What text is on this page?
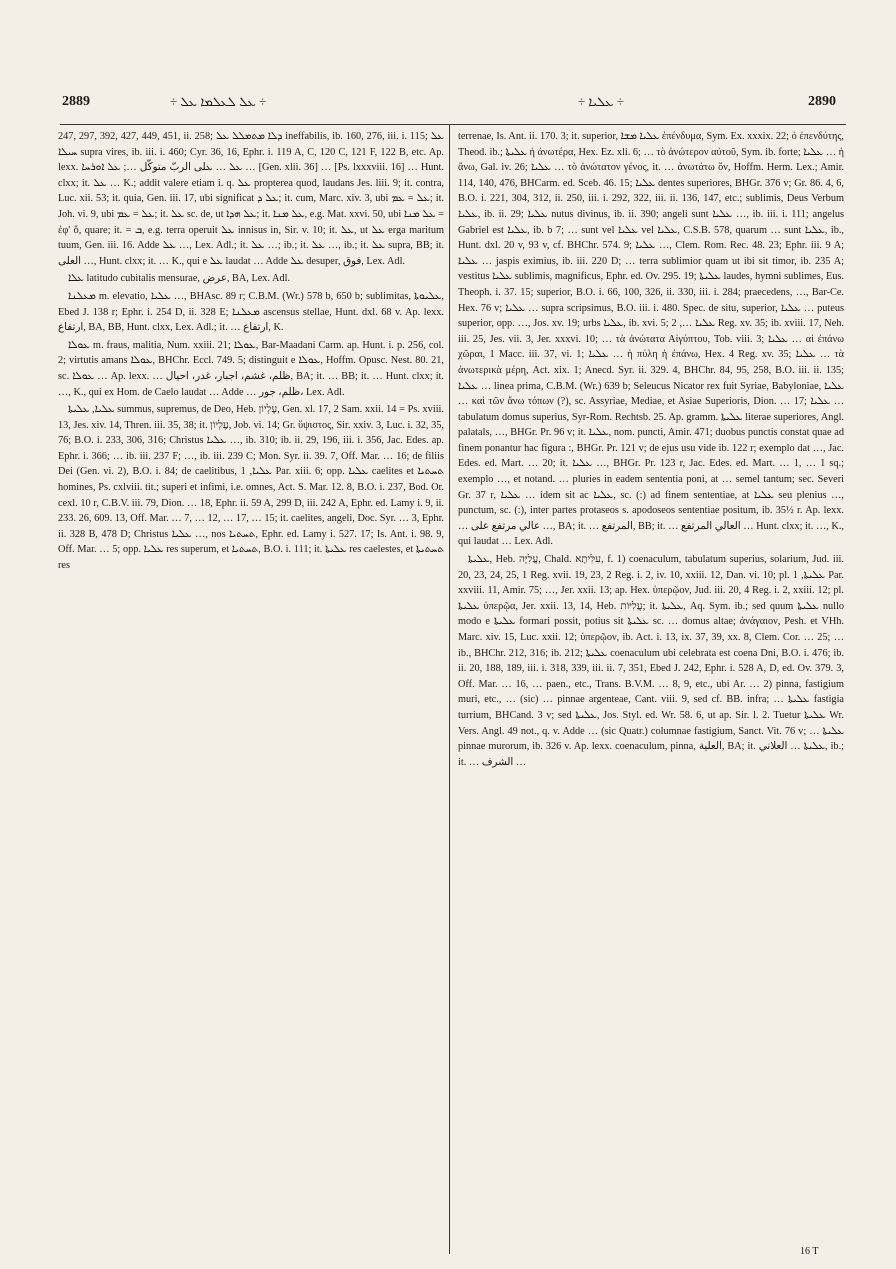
2889	÷ ܥܠ ܠܥܠܡܐ ܥܠ ÷	÷ ܥܠܝܐ ÷	2890

247, 297, 392, 427, 449, 451, ii. 258; ܕܠܐ ܡܬܡܠܠ ܥܠ ineffabilis, ib. 160, 276, iii. i. 115; ܥܠ ܚܝܠܐ supra vires, ib. iii. i. 460; Cyr. 36, 16, Ephr. i. 119 A, C, 120 C, 121 F, 122 B, etc. Ap. lexx. ܥܠ … ܥلى الربّ متوكّل …; ܥܠ ܐܘܪܚܐ … [Gen. xlii. 36] … [Ps. lxxxviii. 16] … Hunt. clxx; it. ܥܠ … K.; addit valere etiam i. q. ܥܠ propterea quod, laudans Jes. liii. 9; it. contra, Luc. xii. 53; it. quia, Gen. iii. 17, ubi significat ܥܠ ܕ; it. cum, Marc. xiv. 3, ubi ܥܠ = ܥܡ; it. Joh. vi. 9, ubi ܥܠ = ܥܡ; it. ܥܠ sc. de, ut ܥܠ ܗܕܐ; it. ܥܠ ܡܢܐ, e.g. Mat. xxvi. 50, ubi ܥܠ ܡܢܐ = ἐφ' ὅ, quare; it. = ܒ, e.g. terra operuit ܥܠ innisus in, Sir. v. 10; it. ܥܠ, ut ܥܠ erga maritum tuum, Gen. iii. 16. Adde ܥܠ …, Lex. Adl.; it. ܥܠ …; ib.; it. ܥܠ …, ib.; it. ܥܠ supra, BB; it. العلى …, Hunt. clxx; it. … K., qui e ܥܠ laudat … Adde ܥܠ desuper, فوق, Lex. Adl.

ܥܠܐ latitudo cubitalis mensurae, عرض, BA, Lex. Adl.

ܡܥܠܢܐ m. elevatio, ܥܠܝܐ …, BHAsc. 89 r; C.B.M. (Wr.) 578 b, 650 b; sublimitas, ܥܠܝܘܬܐ, Ebed J. 138 r; Ephr. i. 254 D, ii. 328 E; ܡܥܠܢܐ ascensus stellae, Hunt. dxl. 68 v. Ap. lexx. ارتفاع, BA, BB, Hunt. clxx, Lex. Adl.; it. … ارتفاع, K.

ܥܘܠܐ m. fraus, malitia, Num. xxiii. 21; ܥܘܠܐ, Bar-Maadani Carm. ap. Hunt. i. p. 256, col. 2; virtutis amans ܥܘܠܐ, BHChr. Eccl. 749. 5; distinguit e ܥܘܠܐ, Hoffm. Opusc. Nest. 80. 21, sc. ܥܘܠܐ … Ap. lexx. … ظلم، غشم، اجبار، غدر، احيال, BA; it. … BB; it. … Hunt. clxx; it. …, K., qui ex Hom. de Caelo laudat … Adde … ظلم، جور، Lex. Adl.

ܥܠܝܐ, ܥܠܝܬܐ summus, supremus, de Deo, Heb. עֶלְיוֹן, Gen. xl. 17, 2 Sam. xxii. 14 = Ps. xviii. 13, Jes. xiv. 14, Thren. iii. 35, 38; it. עֶלְיוֹן, Job. vi. 14; Gr. ὕψιστος, Sir. xxiv. 3, Luc. i. 32, 35, 76; B.O. i. 233, 306, 316; Christus ܥܠܝܐ …, ib. 310; ib. ii. 29, 196, iii. i. 356, Jac. Edes. ap. Ephr. i. 366; … ib. iii. 237 F; …, ib. iii. 239 C; Mon. Syr. ii. 39. 7, Off. Mar. … 16; de filiis Dei (Gen. vi. 2), B.O. i. 84; de caelitibus, ܥܠܝܐ, 1 Par. xiii. 6; opp. ܥܠܝܐ caelites et ܬܚܬܝܐ homines, Ps. cxlviii. tit.; superi et infimi, i.e. omnes, Act. S. Mar. 12. 8, B.O. i. 237, Bod. Or. cexl. 10 r, C.B.V. iii. 79, Dion. … 18, Ephr. ii. 59 A, 299 D, iii. 242 A, Ephr. ed. Lamy i. 9, ii. 233. 26, 609. 13, Off. Mar. … 7, … 12, … 17, … 15; it. caelites, angeli, Doc. Syr. … 3, Ephr. ii. 328 B, 478 D; Christus ܥܠܝܐ …, nos ܬܚܬܝܐ, Ephr. ed. Lamy i. 527. 17; Is. Ant. i. 98. 9, Off. Mar. … 5; opp. ܥܠܝܐ res superum, et ܬܚܬܝܐ, B.O. i. 111; it. ܥܠܝܬܐ res caelestes, et ܬܚܬܝܬܐ res

terrenae, Is. Ant. ii. 170. 3; it. superior, ܥܠܝܐ ܡܫܐ ἐπένδυμα, Sym. Ex. xxxix. 22; ὁ ἐπενδύτης, Theod. ib.; ܥܠܝܬܐ ἡ ἀνωτέρα, Hex. Ez. xli. 6; … τὸ ἀνώτερον αὐτοῦ, Sym. ib. forte; ܥܠܝܐ … ἡ ἄνω, Gal. iv. 26; ܥܠܝܐ … τὸ ἀνώτατον γένος, it. … ἀνωτάτω ὄν, Hoffm. Herm. Lex.; Amir. 114, 140, 476, BHCarm. ed. Sceb. 46. 15; ܥܠܝܐ dentes superiores, BHGr. 376 v; Gr. 86. 4, 6, B.O. i. 221, 304, 312, ii. 250, iii. i. 292, 322, iii. ii. 136, 147, etc.; sublimis, Deus Verbum ܥܠܝܐ, ib. ii. 29; ܥܠܝܐ nutus divinus, ib. ii. 390; angeli sunt ܥܠܝܐ …, ib. iii. i. 111; angelus Gabriel est ܥܠܝܐ, ib. b 7; … sunt vel ܥܠܝܐ vel ܥܠܝܐ, C.S.B. 578, quarum … sunt ܥܠܝܐ, ib., Hunt. dxl. 20 v, 93 v, cf. BHChr. 574. 9; ܥܠܝܐ …, Clem. Rom. Rec. 48. 23; Ephr. iii. 9 A; ܥܠܝܐ … jaspis eximius, ib. iii. 220 D; … terra sublimior quam ut ibi sit timor, ib. 235 A; vestitus ܥܠܝܐ sublimis, magnificus, Ephr. ed. Ov. 295. 19; ܥܠܝܬܐ laudes, hymni sublimes, Eus. Theoph. i. 37. 15; superior, B.O. i. 66, 100, 326, ii. 330, iii. i. 284; praecedens, …, Bar-Ce. Hex. 76 v; ܥܠܝܐ … supra scripsimus, B.O. iii. i. 480. Spec. de situ, superior, ܥܠܝܐ … puteus superior, opp. …, Jos. xv. 19; urbs ܥܠܝܐ, ib. xvi. 5; ܥܠܝܐ …, 2 Reg. xv. 35; ib. xviii. 17, Neh. iii. 25, Jes. vii. 3, Jer. xxxvi. 10; … τὰ ἀνώτατα Αἰγύπτου, Tob. viii. 3; ܥܠܝܐ … αἱ ἐπάνω χῶραι, 1 Macc. iii. 37, vi. 1; ܥܠܝܐ … ἡ πύλη ἡ ἐπάνω, Hex. 4 Reg. xv. 35; ܥܠܝܐ … τὰ ἀνωτερικὰ μέρη, Act. xix. 1; Anecd. Syr. ii. 329. 4, BHChr. 84, 95, 258, B.O. iii. ii. 135; ܥܠܝܐ … linea prima, C.B.M. (Wr.) 639 b; Seleucus Nicator rex fuit Syriae, Babyloniae, ܥܠܝܐ … καὶ τῶν ἄνω τόπων (?), sc. Assyriae, Mediae, et Asiae Superioris, Dion. … 17; ܥܠܝܐ … tabulatum domus superius, Syr-Rom. Rechtsb. 25. Ap. gramm. ܥܠܝܬܐ literae superiores, Angl. palatals, …, BHGr. Pr. 96 v; it. ܥܠܝܐ, nom. puncti, Amir. 471; duobus punctis constat quae ad finem ponantur hac figura :, BHGr. Pr. 121 v; de ejus usu vide ib. 122 r; exemplo dat …, Jac. Edes. ed. Mart. … 20; it. ܥܠܝܐ …, BHGr. Pr. 123 r, Jac. Edes. ed. Mart. … 1, … 1 sq.; exemplo …, et notand. … pluries in eadem sententia poni, at … semel tantum; sec. Severi Gr. 37 r, ܥܠܝܐ … idem sit ac ܥܠܝܐ, sc. (:) ad finem sententiae, at ܥܠܝܐ seu plenius …, punctum, sc. (:), inter partes protaseos s. apodoseos sententiae positum, ib. 35½ r. Ap. lexx. … عالي مرتفع على …, BA; it. … المرتفع, BB; it. … العالي المرتفع … Hunt. clxx; it. …, K., qui laudat … Lex. Adl.

ܥܠܝܬܐ, Heb. עֲלִיָּה, Chald. עִלִּיתָא, f. 1) coenaculum, tabulatum superius, solarium, Jud. iii. 20, 23, 24, 25, 1 Reg. xvii. 19, 23, 2 Reg. i. 2, iv. 10, xxiii. 12, Dan. vi. 10; pl. ܥܠܝܬܐ, 1 Par. xxviii. 11, Amir. 75; …, Jer. xxii. 13; ap. Hex. ὑπερῷον, Jud. iii. 20, 4 Reg. i. 2, xxiii. 12; pl. ܥܠܝܬܐ ὑπερῷα, Jer. xxii. 13, 14, Heb. עֲלִיּוֹת; it. ܥܠܝܬܐ, Aq. Sym. ib.; sed quum ܥܠܝܬܐ nullo modo e ܥܠܝܬܐ formari possit, potius sit ܥܠܝܬܐ sc. … domus altae; ἀνάγαιον, Pesh. et VHh. Marc. xiv. 15, Luc. xxii. 12; ὑπερῷον, ib. Act. i. 13, ix. 37, 39, xx. 8, Clem. Cor. … 25; … ib., BHChr. 212, 316; ib. 212; ܥܠܝܬܐ coenaculum ubi celebrata est coena Dni, B.O. i. 476; ib. ii. 20, 188, 189, iii. i. 318, 339, iii. ii. 7, 351, Ebed J. 242, Ephr. i. 528 A, D, ed. Ov. 379. 3, Off. Mar. … 16, … paen., etc., Trans. B.V.M. … 8, 9, etc., ubi Ar. … 2) pinna, fastigium muri, etc., … (sic) … pinnae argenteae, Cant. viii. 9, sed cf. BB. infra; … ܥܠܝܬܐ fastigia turrium, BHCand. 3 v; sed ܥܠܝܬܐ, Jos. Styl. ed. Wr. 58. 6, ut ap. Sir. l. 2. Tuetur ܥܠܝܬܐ Wr. Vers. Angl. 49 not., q. v. Adde … (sic Quatr.) columnae fastigium, Sanct. Vit. 76 v; … ܥܠܝܬܐ pinnae murorum, ib. 326 v. Ap. lexx. coenaculum, pinna, العلية, BA; it. ܥܠܝܬܐ … العلاني, ib.; it. … الشرف …

16 T
